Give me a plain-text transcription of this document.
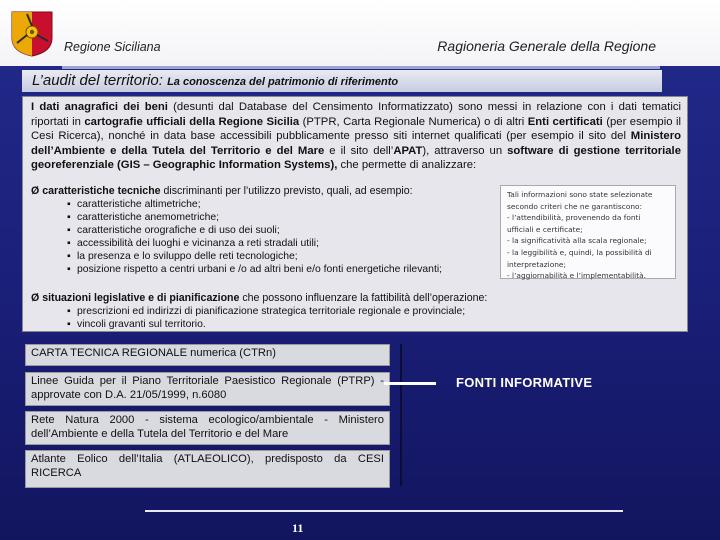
Regione Siciliana	Ragioneria Generale della Regione
L’audit del territorio: La conoscenza del patrimonio di riferimento
I dati anagrafici dei beni (desunti dal Database del Censimento Informatizzato) sono messi in relazione con i dati tematici riportati in cartografie ufficiali della Regione Sicilia (PTPR, Carta Regionale Numerica) o di altri Enti certificati (per esempio il Cesi Ricerca), nonché in data base accessibili pubblicamente presso siti internet qualificati (per esempio il sito del Ministero dell’Ambiente e della Tutela del Territorio e del Mare e il sito dell’APAT), attraverso un software di gestione territoriale georeferenziale (GIS – Geographic Information Systems), che permette di analizzare:
Ø caratteristiche tecniche discriminanti per l’utilizzo previsto, quali, ad esempio:
▪ caratteristiche altimetriche;
▪ caratteristiche anemometriche;
▪ caratteristiche orografiche e di uso dei suoli;
▪ accessibilità dei luoghi e vicinanza a reti stradali utili;
▪ la presenza e lo sviluppo delle reti tecnologiche;
▪ posizione rispetto a centri urbani e /o ad altri beni e/o fonti energetiche rilevanti;
Tali informazioni sono state selezionate
secondo criteri che ne garantiscono:
- l’attendibilità, provenendo da fonti
ufficiali e certificate;
- la significatività alla scala regionale;
- la leggibilità e, quindi, la possibilità di
interpretazione;
- l’aggiornabilità e l’implementabilità.
Ø situazioni legislative e di pianificazione che possono influenzare la fattibilità dell’operazione:
▪ prescrizioni ed indirizzi di pianificazione strategica territoriale regionale e provinciale;
▪ vincoli gravanti sul territorio.
CARTA TECNICA REGIONALE numerica (CTRn)
Linee Guida per il Piano Territoriale Paesistico Regionale (PTRP) - approvate con D.A. 21/05/1999, n.6080
Rete Natura 2000 - sistema ecologico/ambientale - Ministero dell’Ambiente e della Tutela del Territorio e del Mare
Atlante Eolico dell’Italia (ATLAEOLICO), predisposto da CESI RICERCA
FONTI INFORMATIVE
11
